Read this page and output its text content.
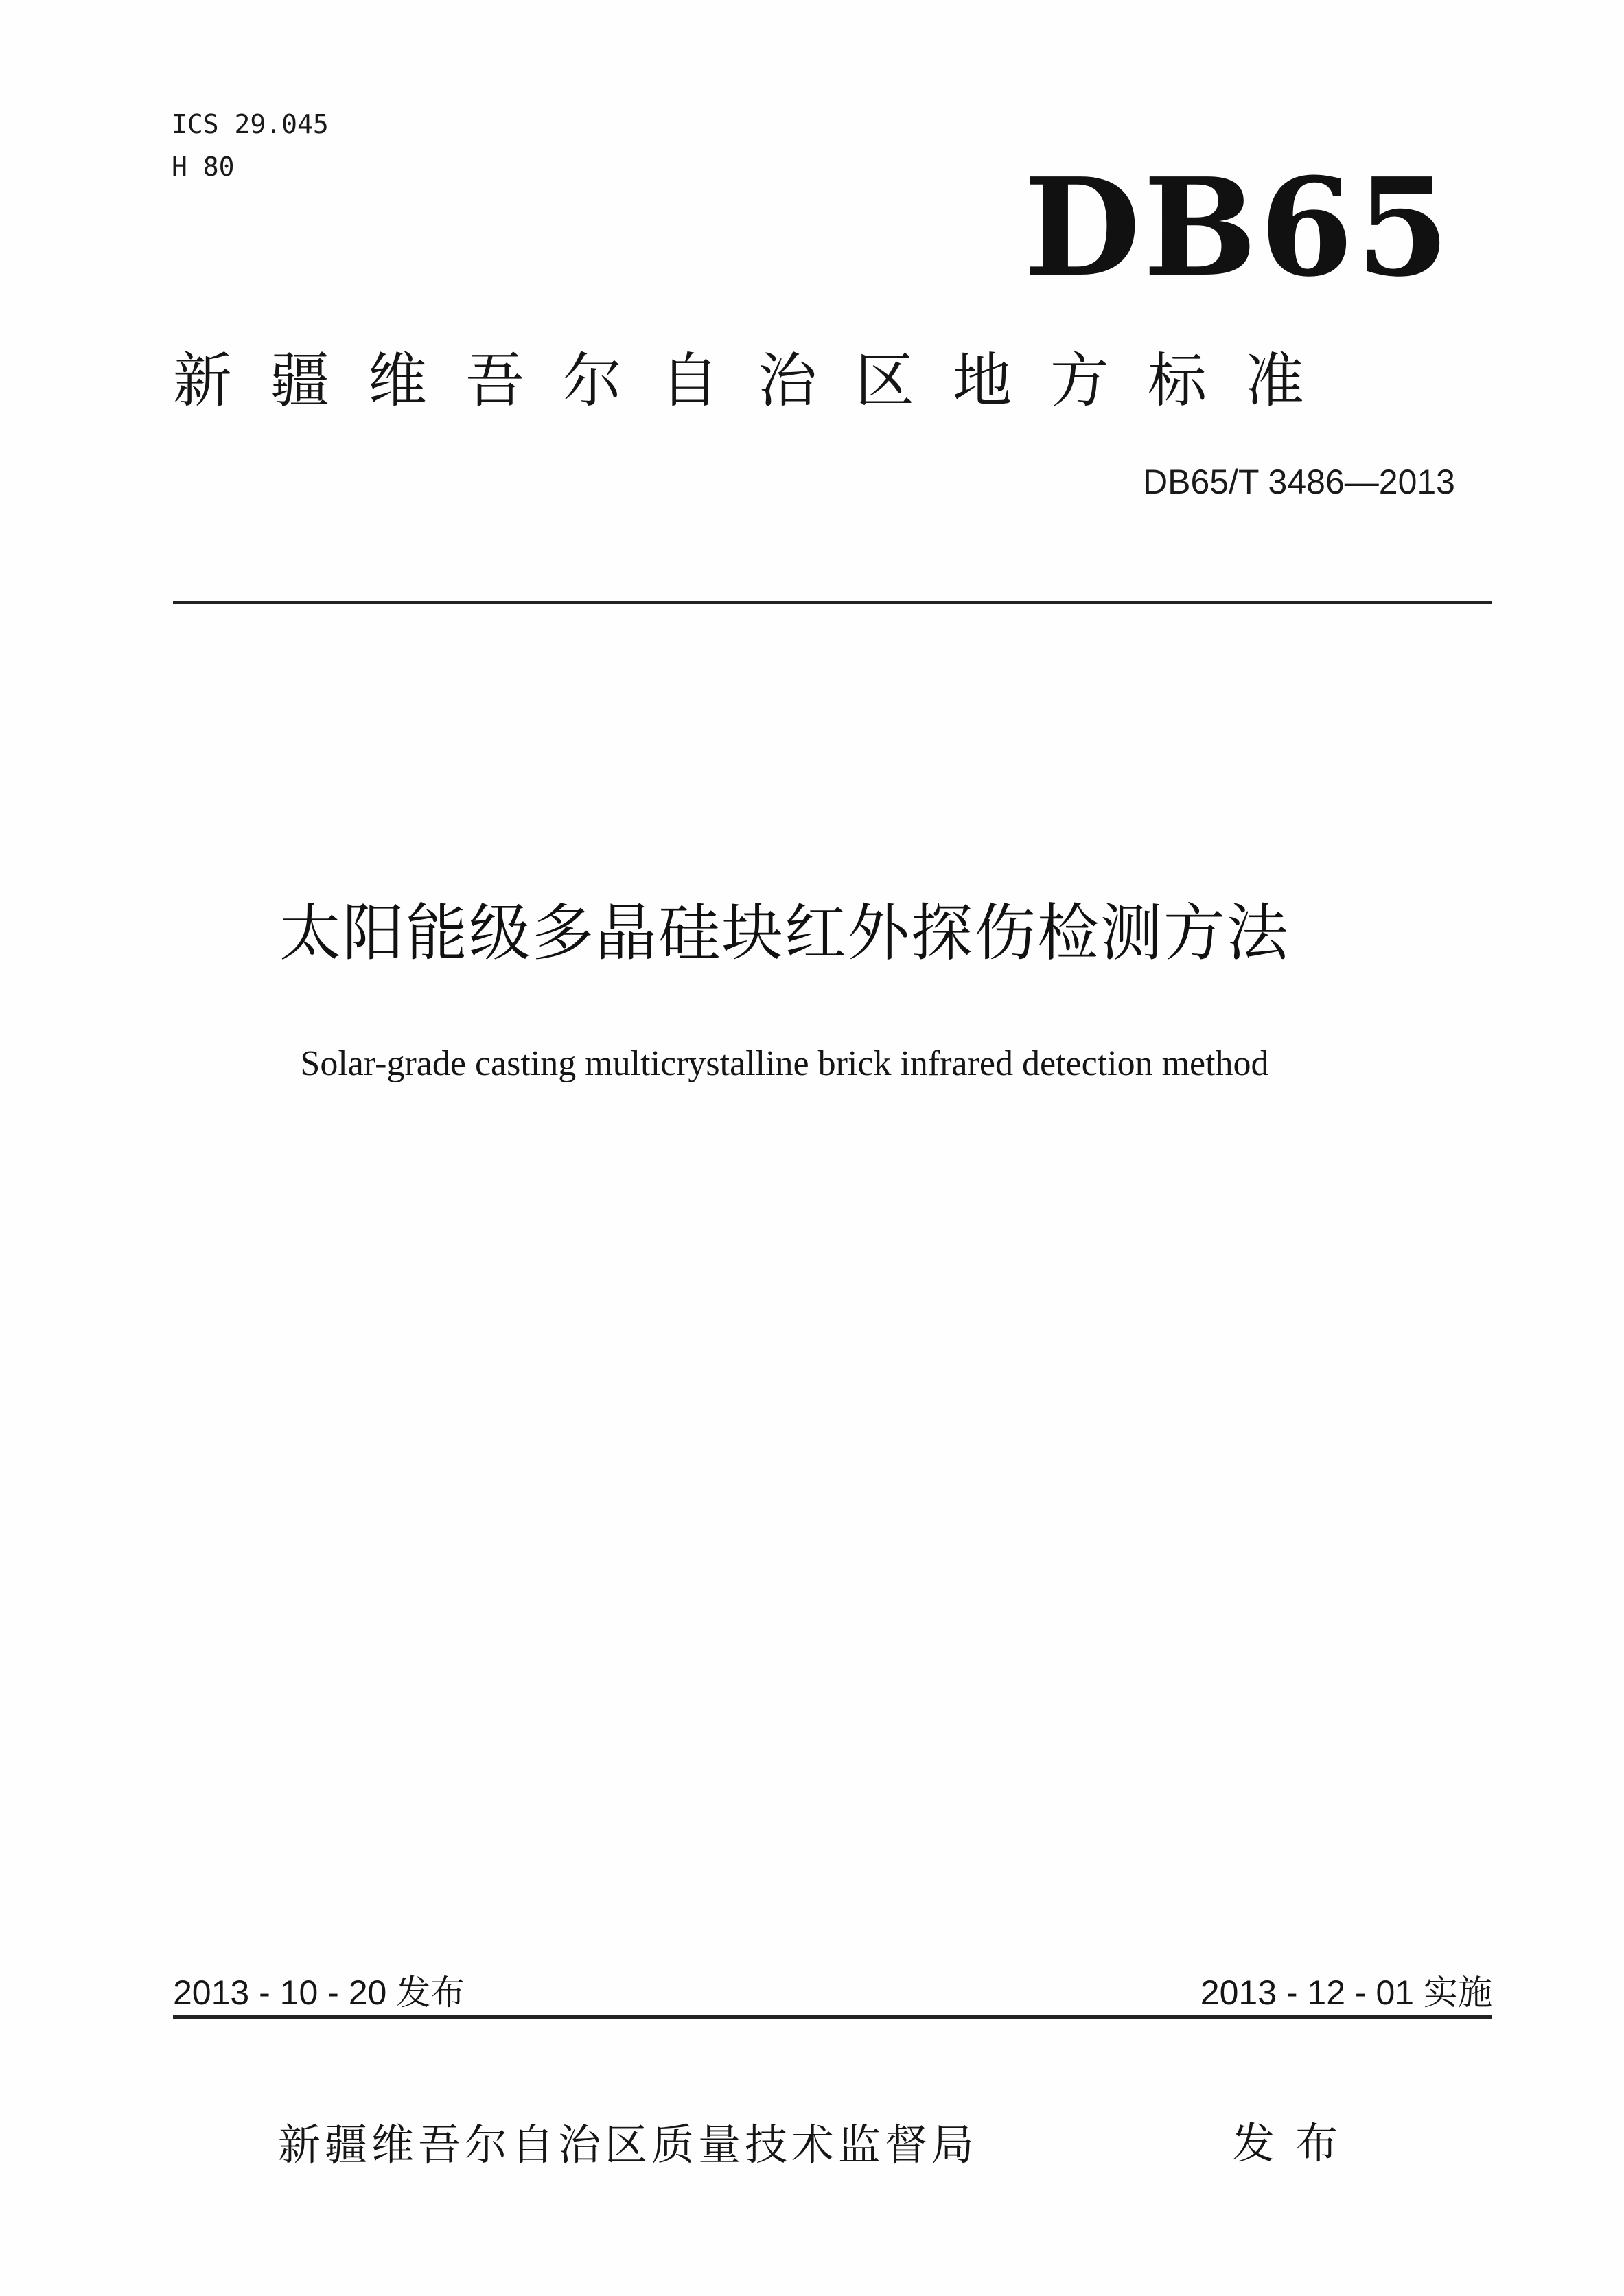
ICS 29.045
H 80	DB65
新疆维吾尔自治区地方标准
DB65/T 3486—2013
太阳能级多晶硅块红外探伤检测方法
Solar-grade casting multicrystalline brick infrared detection method
2013 - 10 - 20 发布	2013 - 12 - 01 实施
新疆维吾尔自治区质量技术监督局	发布
